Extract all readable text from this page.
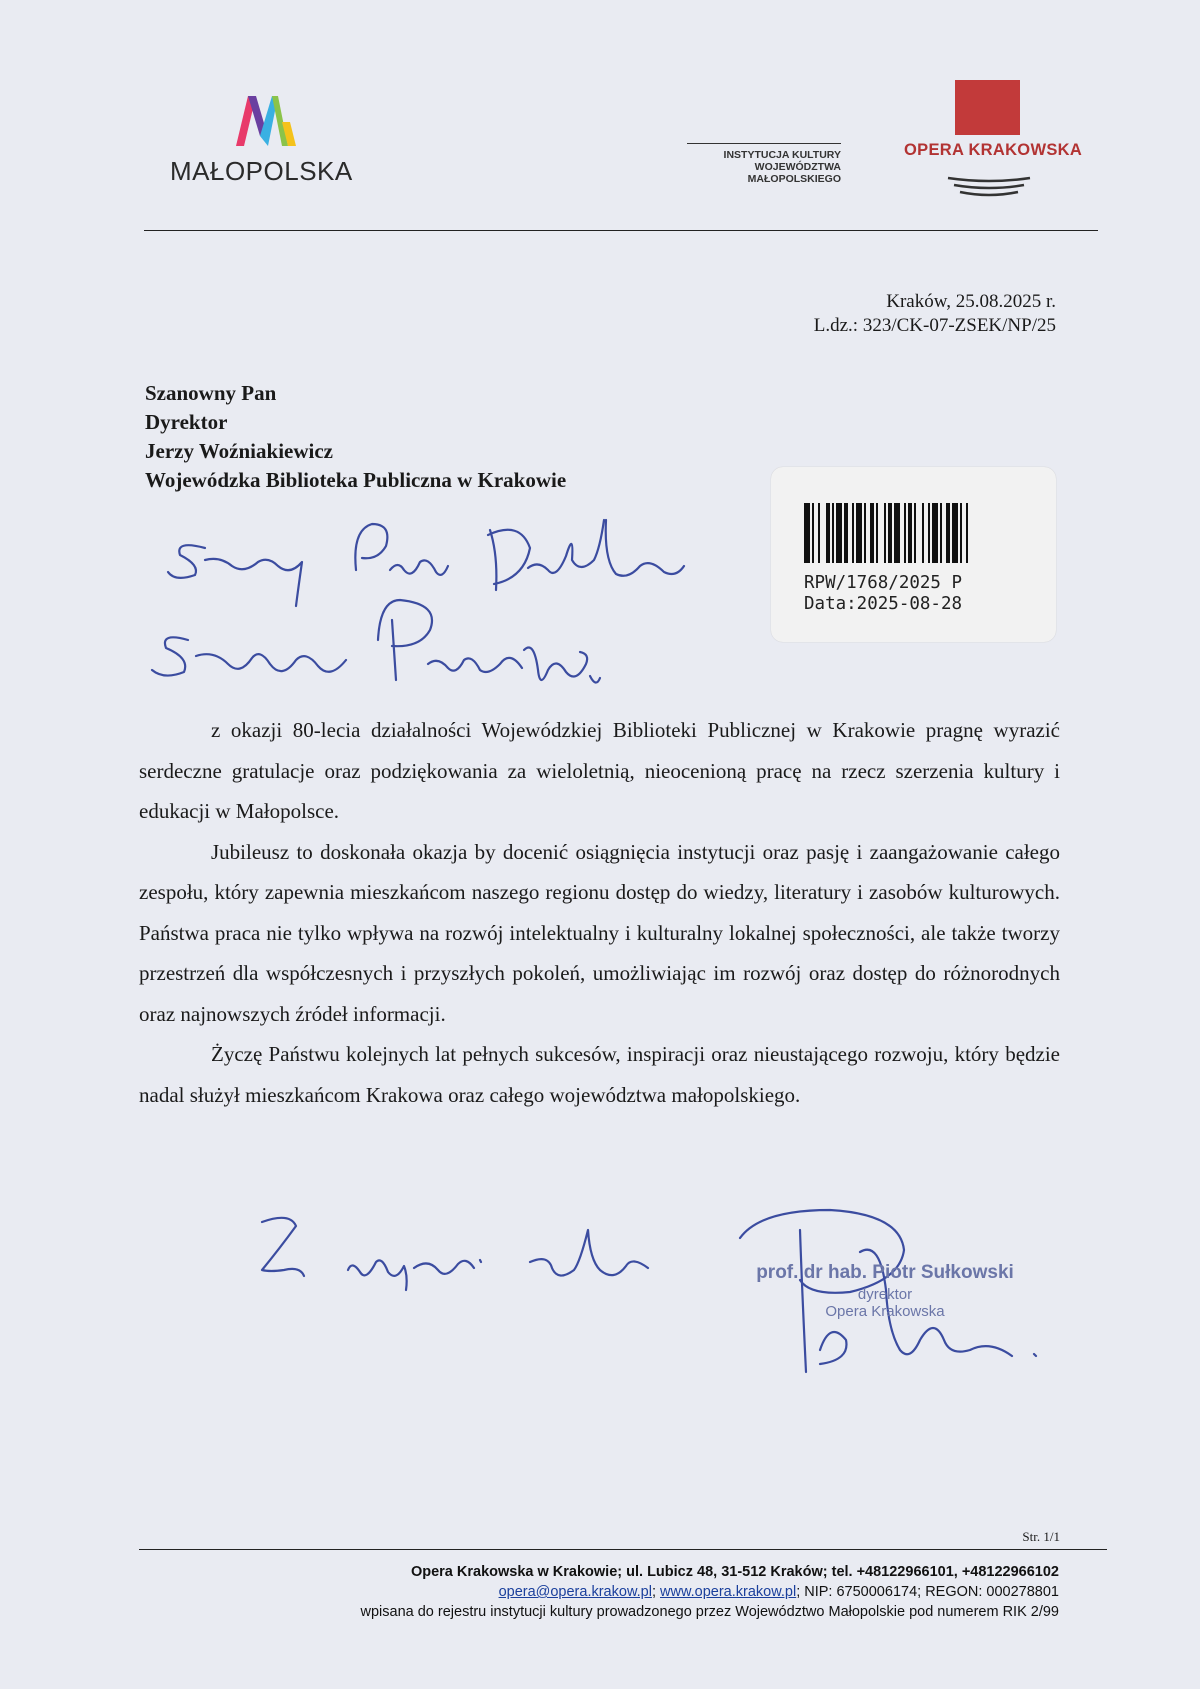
MAŁOPOLSKA
INSTYTUCJA KULTURY
WOJEWÓDZTWA
MAŁOPOLSKIEGO
OPERA KRAKOWSKA
Kraków, 25.08.2025 r.
L.dz.: 323/CK-07-ZSEK/NP/25
Szanowny Pan
Dyrektor
Jerzy Woźniakiewicz
Wojewódzka Biblioteka Publiczna w Krakowie
RPW/1768/2025 P
Data:2025-08-28

z okazji 80-lecia działalności Wojewódzkiej Biblioteki Publicznej w Krakowie pragnę wyrazić serdeczne gratulacje oraz podziękowania za wieloletnią, nieocenioną pracę na rzecz szerzenia kultury i edukacji w Małopolsce.

Jubileusz to doskonała okazja by docenić osiągnięcia instytucji oraz pasję i zaangażowanie całego zespołu, który zapewnia mieszkańcom naszego regionu dostęp do wiedzy, literatury i zasobów kulturowych. Państwa praca nie tylko wpływa na rozwój intelektualny i kulturalny lokalnej społeczności, ale także tworzy przestrzeń dla współczesnych i przyszłych pokoleń, umożliwiając im rozwój oraz dostęp do różnorodnych oraz najnowszych źródeł informacji.

Życzę Państwu kolejnych lat pełnych sukcesów, inspiracji oraz nieustającego rozwoju, który będzie nadal służył mieszkańcom Krakowa oraz całego województwa małopolskiego.

prof. dr hab. Piotr Sułkowski
dyrektor
Opera Krakowska
Str. 1/1
Opera Krakowska w Krakowie; ul. Lubicz 48, 31-512 Kraków; tel. +48122966101, +48122966102
opera@opera.krakow.pl; www.opera.krakow.pl; NIP: 6750006174; REGON: 000278801
wpisana do rejestru instytucji kultury prowadzonego przez Województwo Małopolskie pod numerem RIK 2/99
